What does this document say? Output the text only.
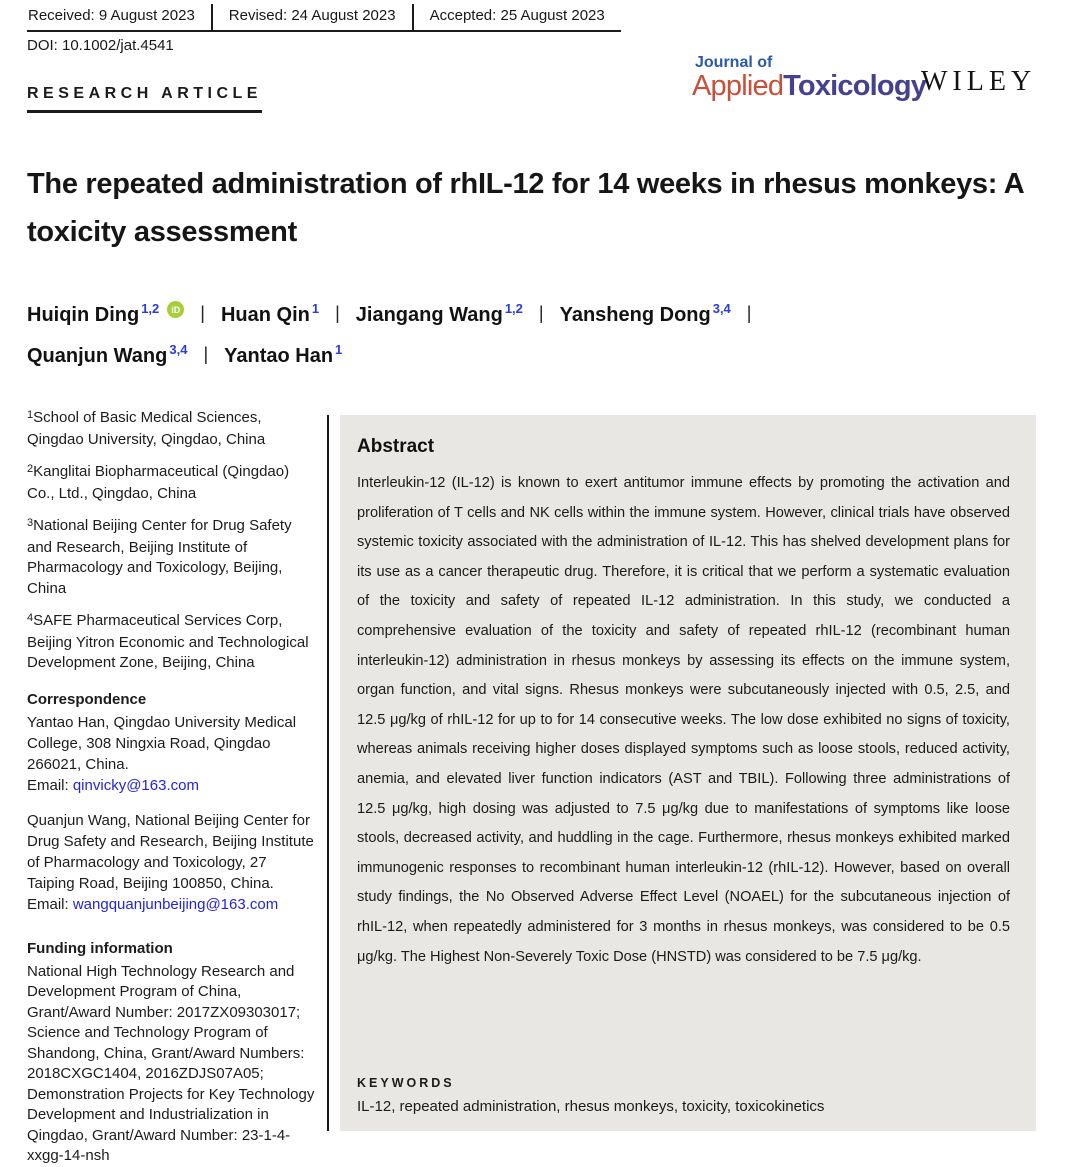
Received: 9 August 2023	Revised: 24 August 2023	Accepted: 25 August 2023
DOI: 10.1002/jat.4541
Journal of
AppliedToxicology
WILEY
RESEARCH ARTICLE
The repeated administration of rhIL-12 for 14 weeks in rhesus monkeys: A toxicity assessment
Huiqin Ding 1,2	iD | Huan Qin 1 | Jiangang Wang 1,2 | Yansheng Dong 3,4 |
Quanjun Wang 3,4 | Yantao Han 1
$^1$School of Basic Medical Sciences, Qingdao University, Qingdao, China
$^2$Kanglitai Biopharmaceutical (Qingdao) Co., Ltd., Qingdao, China
$^3$National Beijing Center for Drug Safety and Research, Beijing Institute of Pharmacology and Toxicology, Beijing, China
$^4$SAFE Pharmaceutical Services Corp, Beijing Yitron Economic and Technological Development Zone, Beijing, China
Correspondence
Yantao Han, Qingdao University Medical College, 308 Ningxia Road, Qingdao 266021, China.
Email: qinvicky@163.com
Quanjun Wang, National Beijing Center for Drug Safety and Research, Beijing Institute of Pharmacology and Toxicology, 27 Taiping Road, Beijing 100850, China.
Email: wangquanjunbeijing@163.com
Funding information
National High Technology Research and Development Program of China, Grant/Award Number: 2017ZX09303017; Science and Technology Program of Shandong, China, Grant/Award Numbers: 2018CXGC1404, 2016ZDJS07A05; Demonstration Projects for Key Technology Development and Industrialization in Qingdao, Grant/Award Number: 23-1-4-xxgg-14-nsh
Abstract
Interleukin-12 (IL-12) is known to exert antitumor immune effects by promoting the activation and proliferation of T cells and NK cells within the immune system. However, clinical trials have observed systemic toxicity associated with the administration of IL-12. This has shelved development plans for its use as a cancer therapeutic drug. Therefore, it is critical that we perform a systematic evaluation of the toxicity and safety of repeated IL-12 administration. In this study, we conducted a comprehensive evaluation of the toxicity and safety of repeated rhIL-12 (recombinant human interleukin-12) administration in rhesus monkeys by assessing its effects on the immune system, organ function, and vital signs. Rhesus monkeys were subcutaneously injected with 0.5, 2.5, and 12.5 μg/kg of rhIL-12 for up to for 14 consecutive weeks. The low dose exhibited no signs of toxicity, whereas animals receiving higher doses displayed symptoms such as loose stools, reduced activity, anemia, and elevated liver function indicators (AST and TBIL). Following three administrations of 12.5 μg/kg, high dosing was adjusted to 7.5 μg/kg due to manifestations of symptoms like loose stools, decreased activity, and huddling in the cage. Furthermore, rhesus monkeys exhibited marked immunogenic responses to recombinant human interleukin-12 (rhIL-12). However, based on overall study findings, the No Observed Adverse Effect Level (NOAEL) for the subcutaneous injection of rhIL-12, when repeatedly administered for 3 months in rhesus monkeys, was considered to be 0.5 μg/kg. The Highest Non-Severely Toxic Dose (HNSTD) was considered to be 7.5 μg/kg.
KEYWORDS
IL-12, repeated administration, rhesus monkeys, toxicity, toxicokinetics
